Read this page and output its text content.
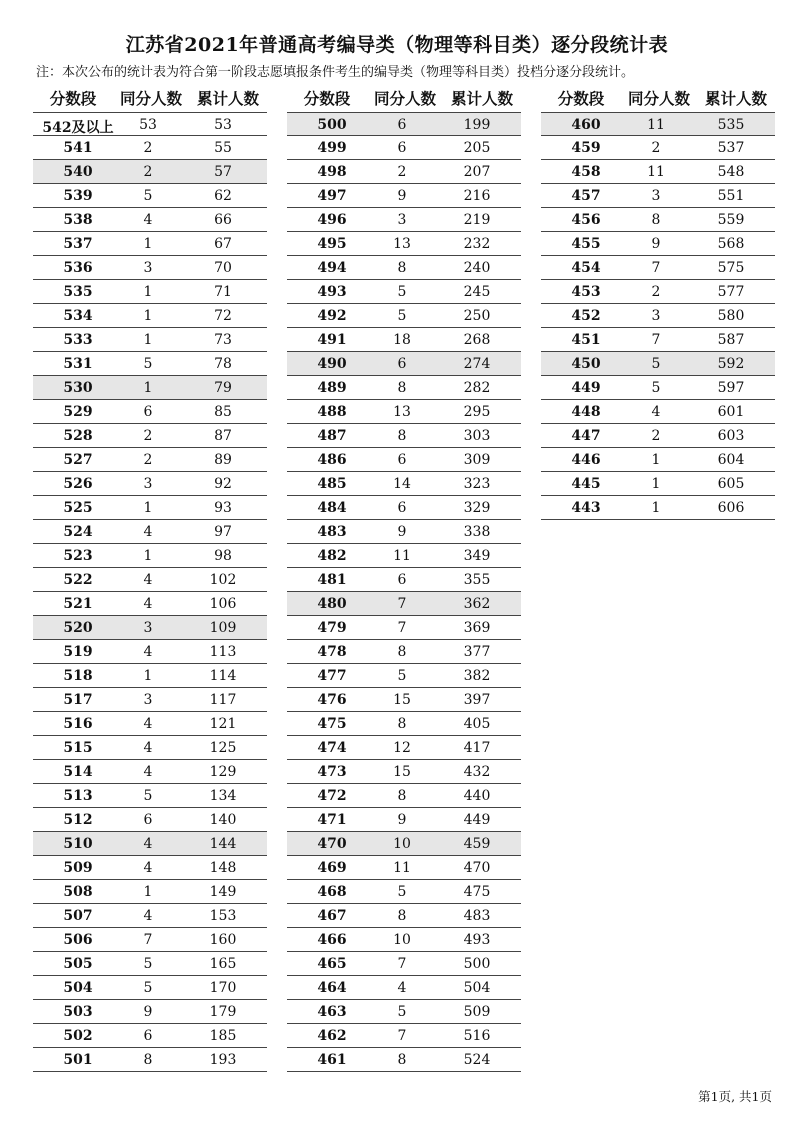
江苏省2021年普通高考编导类（物理等科目类）逐分段统计表
注：本次公布的统计表为符合第一阶段志愿填报条件考生的编导类（物理等科目类）投档分逐分段统计。
分数段	同分人数 累计人数
542及以上	53	53
541	2	55
540	2	57
539	5	62
538	4	66
537	1	67
536	3	70
535	1	71
534	1	72
533	1	73
531	5	78
530	1	79
529	6	85
528	2	87
527	2	89
526	3	92
525	1	93
524	4	97
523	1	98
522	4	102
521	4	106
520	3	109
519	4	113
518	1	114
517	3	117
516	4	121
515	4	125
514	4	129
513	5	134
512	6	140
510	4	144
509	4	148
508	1	149
507	4	153
506	7	160
505	5	165
504	5	170
503	9	179
502	6	185
501	8	193
分数段	同分人数 累计人数
500	6	199
499	6	205
498	2	207
497	9	216
496	3	219
495	13	232
494	8	240
493	5	245
492	5	250
491	18	268
490	6	274
489	8	282
488	13	295
487	8	303
486	6	309
485	14	323
484	6	329
483	9	338
482	11	349
481	6	355
480	7	362
479	7	369
478	8	377
477	5	382
476	15	397
475	8	405
474	12	417
473	15	432
472	8	440
471	9	449
470	10	459
469	11	470
468	5	475
467	8	483
466	10	493
465	7	500
464	4	504
463	5	509
462	7	516
461	8	524
分数段	同分人数 累计人数
460	11	535
459	2	537
458	11	548
457	3	551
456	8	559
455	9	568
454	7	575
453	2	577
452	3	580
451	7	587
450	5	592
449	5	597
448	4	601
447	2	603
446	1	604
445	1	605
443	1	606
第1页, 共1页
